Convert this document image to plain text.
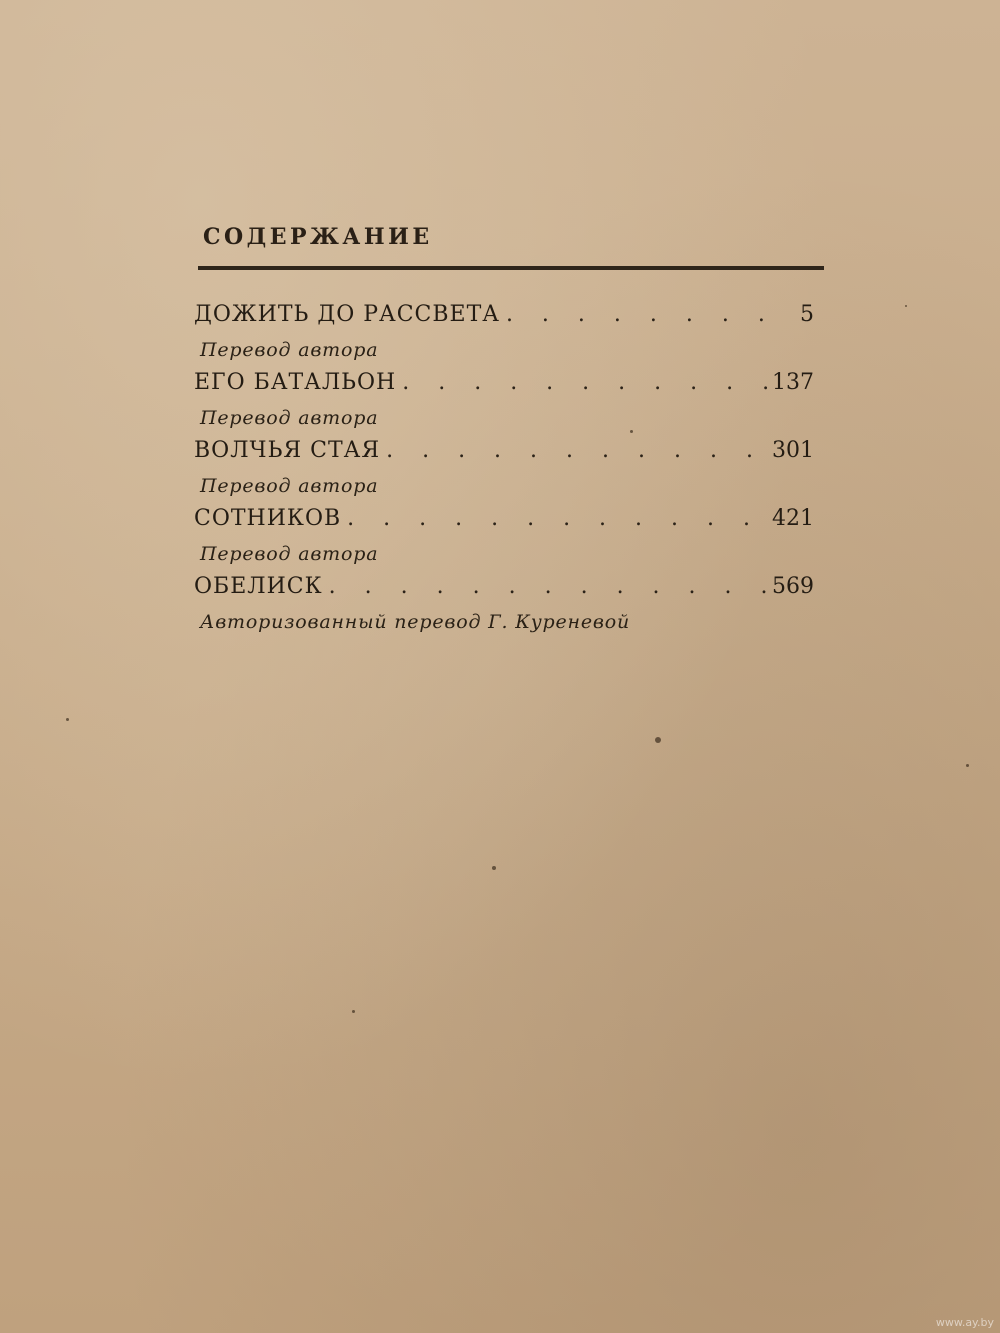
СОДЕРЖАНИЕ
ДОЖИТЬ ДО РАССВЕТА . . .	5
Перевод автора
ЕГО БАТАЛЬОН . . .	137
Перевод автора
ВОЛЧЬЯ СТАЯ . . .	301
Перевод автора
СОТНИКОВ . . .	421
Перевод автора
ОБЕЛИСК . . .	569
Авторизованный перевод Г. Куреневой
www.ay.by
